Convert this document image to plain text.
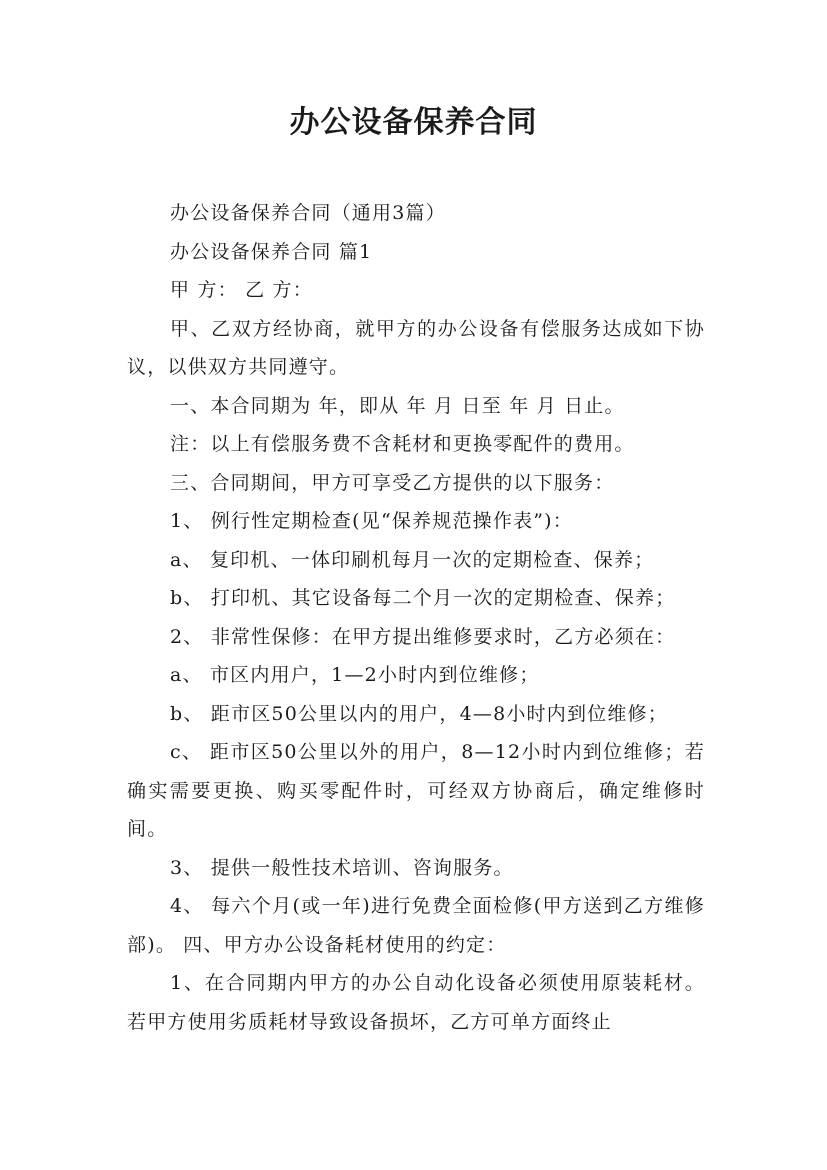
办公设备保养合同

办公设备保养合同（通用3篇）

办公设备保养合同 篇1

甲 方： 乙 方：

甲、乙双方经协商，就甲方的办公设备有偿服务达成如下协议，以供双方共同遵守。

一、本合同期为 年，即从 年 月 日至 年 月 日止。

注：以上有偿服务费不含耗材和更换零配件的费用。

三、合同期间，甲方可享受乙方提供的以下服务：

1、 例行性定期检查(见“保养规范操作表”)：

a、 复印机、一体印刷机每月一次的定期检查、保养；

b、 打印机、其它设备每二个月一次的定期检查、保养；

2、 非常性保修：在甲方提出维修要求时，乙方必须在：

a、 市区内用户，1—2小时内到位维修；

b、 距市区50公里以内的用户，4—8小时内到位维修；

c、 距市区50公里以外的用户，8—12小时内到位维修；若确实需要更换、购买零配件时，可经双方协商后，确定维修时间。

3、 提供一般性技术培训、咨询服务。

4、 每六个月(或一年)进行免费全面检修(甲方送到乙方维修部)。 四、甲方办公设备耗材使用的约定：

1、在合同期内甲方的办公自动化设备必须使用原装耗材。若甲方使用劣质耗材导致设备损坏，乙方可单方面终止
